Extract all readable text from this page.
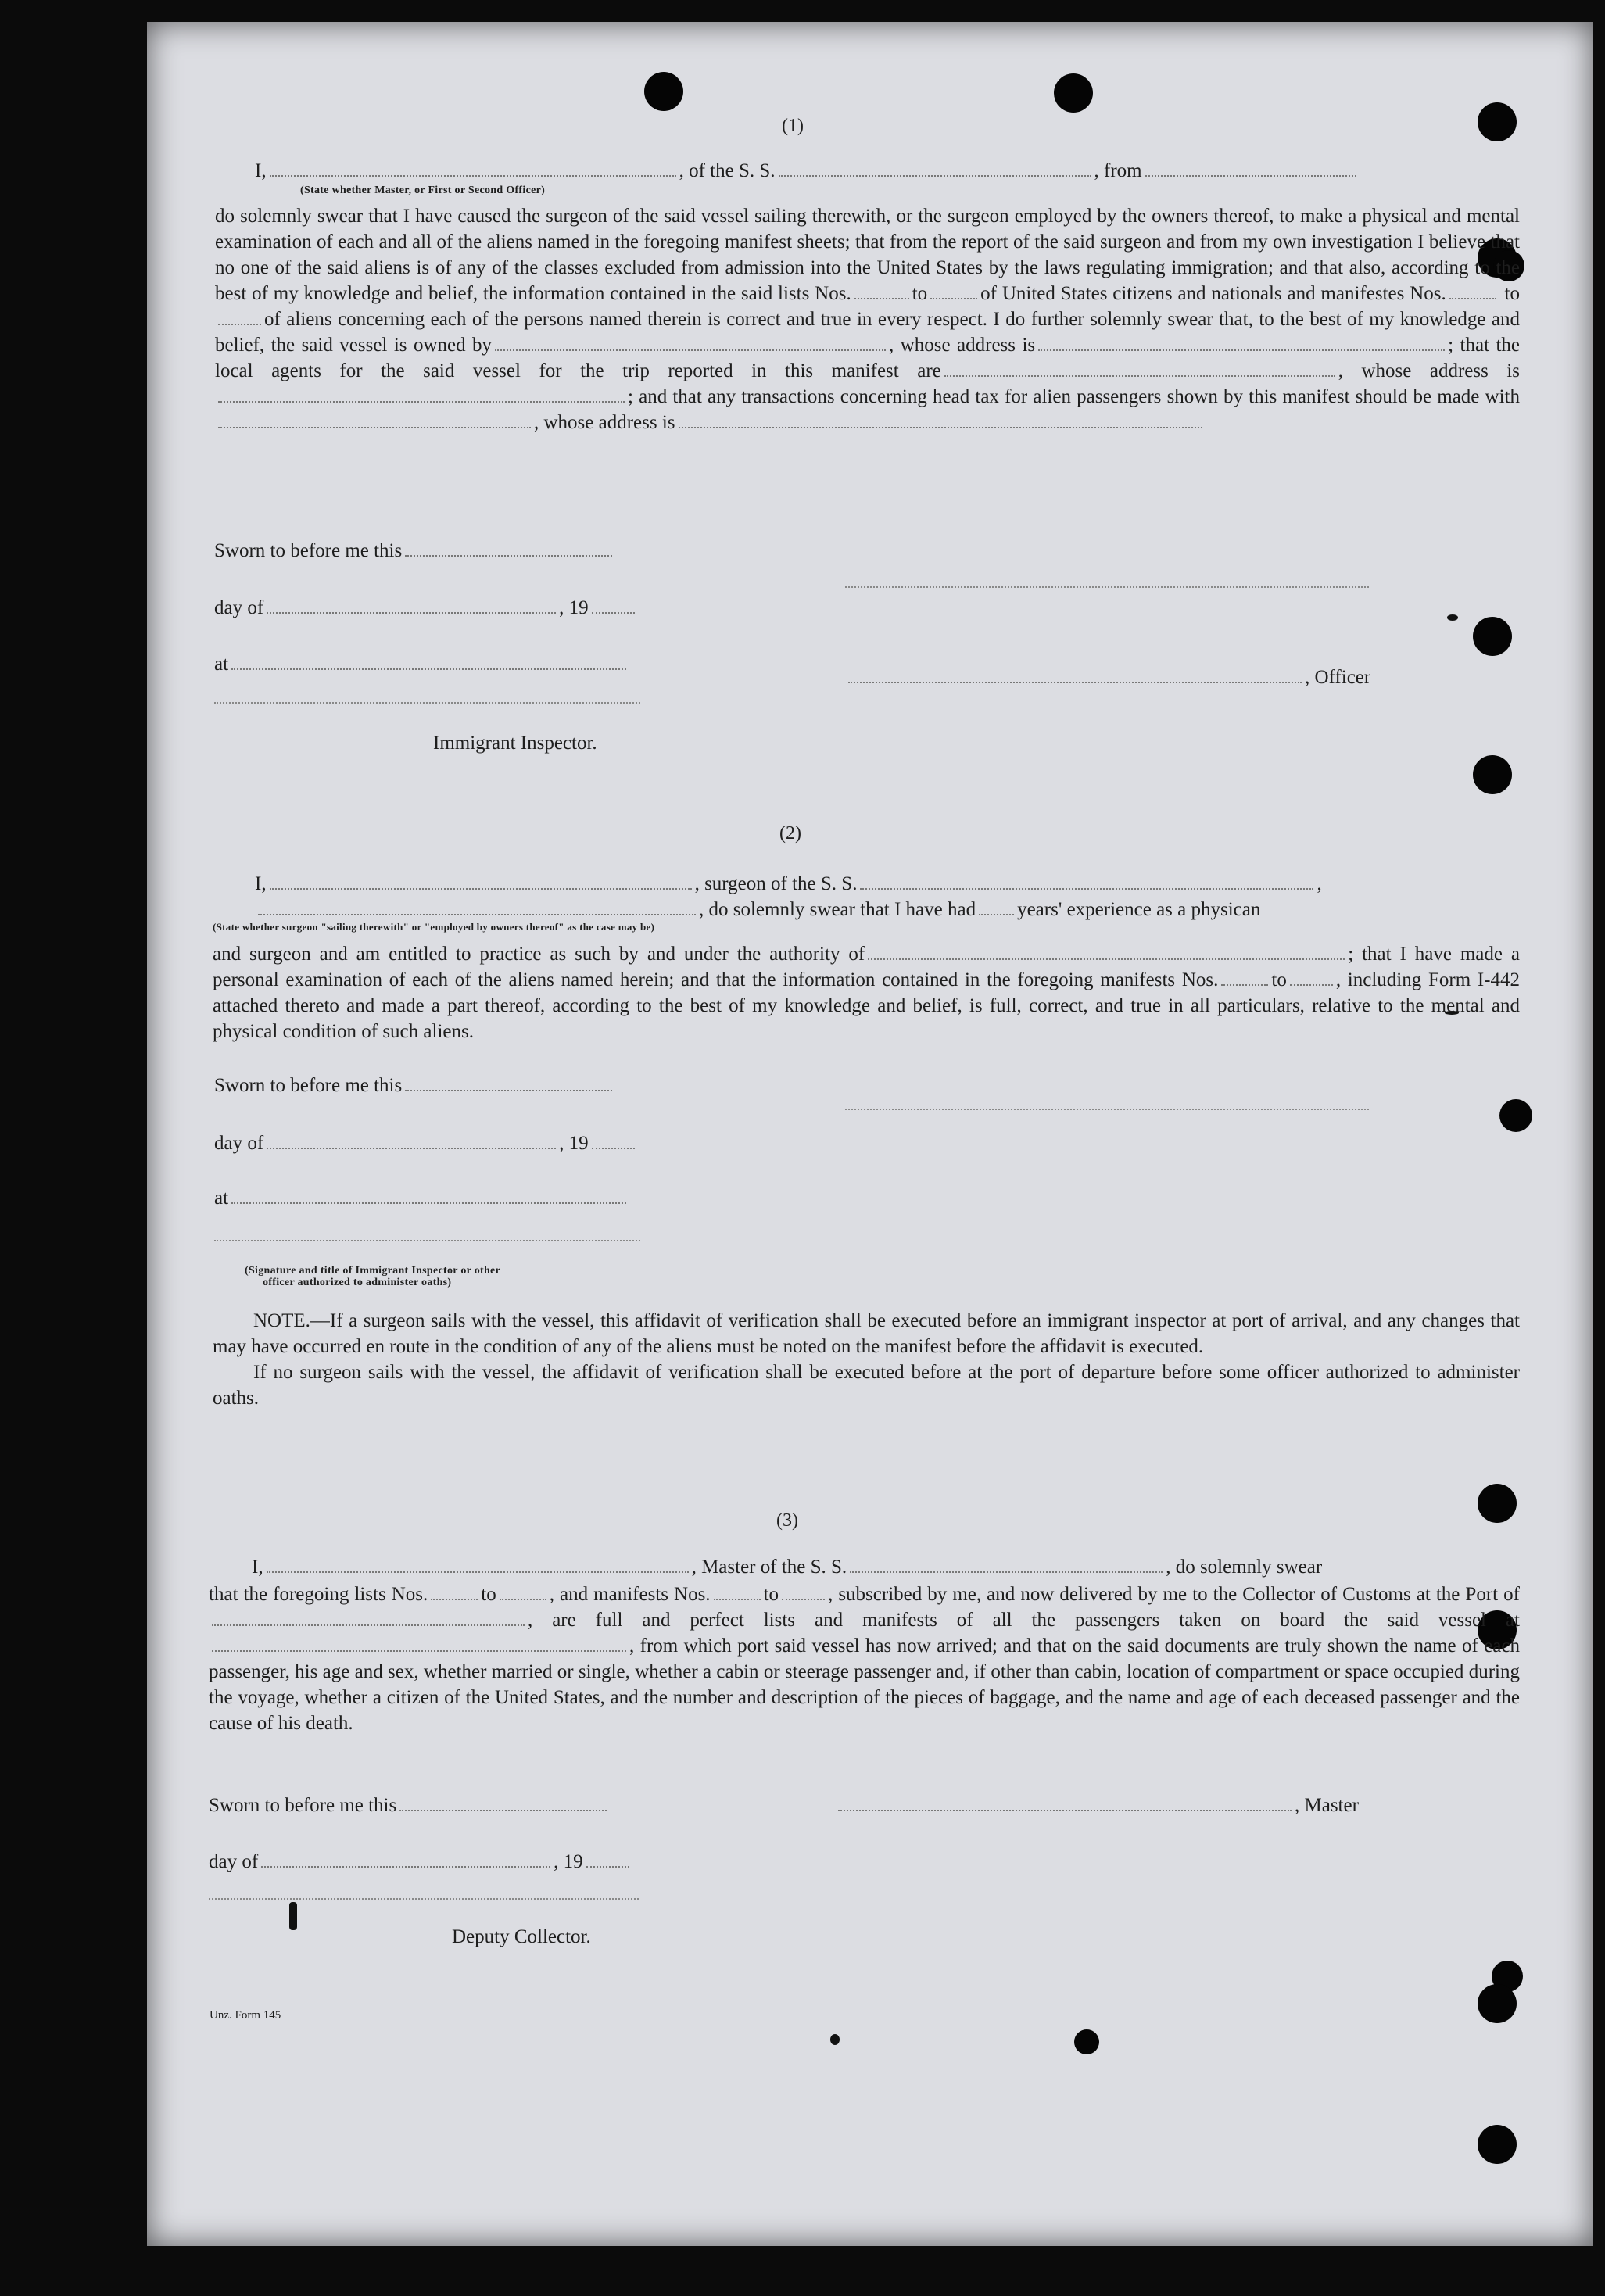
(1)
I,	, of the S. S.	, from
(State whether Master, or First or Second Officer)

do solemnly swear that I have caused the surgeon of the said vessel sailing therewith, or the surgeon employed by the owners thereof, to make a physical and mental examination of each and all of the aliens named in the foregoing manifest sheets; that from the report of the said surgeon and from my own investigation I believe that no one of the said aliens is of any of the classes excluded from admission into the United States by the laws regulating immigration; and that also, according to the best of my knowledge and belief, the information contained in the said lists Nos.	to	of United States citizens and nationals and manifestes Nos.	toof aliens concerning each of the persons named therein is correct and true in every respect. I do further solemnly swear that, to the best of my knowledge and belief, the said vessel is owned by	, whose address is	; that the local agents for the said vessel for the trip reported in this manifest are	, whose address is; and that any transactions concerning head tax for alien passengers shown by this manifest should be made with, whose address is

Sworn to before me this
day of	, 19
at
, Officer
Immigrant Inspector.
(2)
I,	, surgeon of the S. S.	,
, do solemnly swear that I have had years' experience as a physican
(State whether surgeon "sailing therewith" or "employed by owners thereof" as the case may be)

and surgeon and am entitled to practice as such by and under the authority of	; that I have made a personal examination of each of the aliens named herein; and that the information contained in the foregoing manifests Nos.	to	, including Form I-442 attached thereto and made a part thereof, according to the best of my knowledge and belief, is full, correct, and true in all particulars, relative to the mental and physical condition of such aliens.

Sworn to before me this
day of	, 19
at
(Signature and title of Immigrant Inspector or other
officer authorized to administer oaths)

NOTE.—If a surgeon sails with the vessel, this affidavit of verification shall be executed before an immigrant inspector at port of arrival, and any changes that may have occurred en route in the condition of any of the aliens must be noted on the manifest before the affidavit is executed.

If no surgeon sails with the vessel, the affidavit of verification shall be executed before at the port of departure before some officer authorized to administer oaths.

(3)
I,	, Master of the S. S.	, do solemnly swear

that the foregoing lists Nos.	to	, and manifests Nos.	to	, subscribed by me, and now delivered by me to the Collector of Customs at the Port of, are full and perfect lists and manifests of all the passengers taken on board the said vessel at, from which port said vessel has now arrived; and that on the said documents are truly shown the name of each passenger, his age and sex, whether married or single, whether a cabin or steerage passenger and, if other than cabin, location of compartment or space occupied during the voyage, whether a citizen of the United States, and the number and description of the pieces of baggage, and the name and age of each deceased passenger and the cause of his death.

Sworn to before me this	, Master
day of	, 19
Deputy Collector.
Unz. Form 145
